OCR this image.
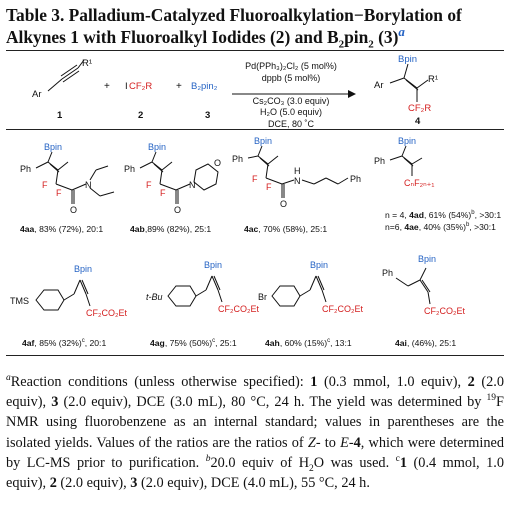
Table 3. Palladium-Catalyzed Fluoroalkylation−Borylation of Alkynes 1 with Fluoroalkyl Iodides (2) and $B_2pin_2$ $(3)^a$
R¹
Ar
1
+ I CF₂R
2
+ B₂pin₂
3
Pd(PPh₃)₂Cl₂ (5 mol%)
dppb (5 mol%)
Cs₂CO₃ (3.0 equiv)
H₂O (5.0 equiv)
DCE, 80 ˚C
Bpin
R¹
Ar
CF₂R
4
Bpin	Bpin
Bpin	Bpin
Ph	Ph
Ph	Ph
Ph
O	O
O
N	N
O
N
H
F
F
F
F
F
F	CₙF₂ₙ₊₁
4aa, 83% (72%), 20:1	4ab,89% (82%), 25:1	4ac, 70% (58%), 25:1
n = 4, 4ad, 61% $(54\%)^b$, >30:1
n=6, 4ae, 40% $(35\%)^b$, >30:1
Bpin	Bpin	Bpin
Bpin
TMS	t-Bu	Br
Ph
CF₂CO₂Et	CF₂CO₂Et	CF₂CO₂Et	CF₂CO₂Et
4af, 85% $(32\%)^c$, 20:1	4ag, 75% $(50\%)^c$, 25:1	4ah, 60% $(15\%)^c$, 13:1	4ai, (46%), 25:1
$^a$Reaction conditions (unless otherwise specified): 1 (0.3 mmol, 1.0 equiv), 2 (2.0 equiv), 3 (2.0 equiv), DCE (3.0 mL), 80 °C, 24 h. The yield was determined by $^{19}$F NMR using fluorobenzene as an internal standard; values in parentheses are the isolated yields. Values of the ratios are the ratios of Z- to E-4, which were determined by LC-MS prior to purification. $^b$20.0 equiv of $H_2O$ was used. $^c$1 (0.4 mmol, 1.0 equiv), 2 (2.0 equiv), 3 (2.0 equiv), DCE (4.0 mL), 55 °C, 24 h.
